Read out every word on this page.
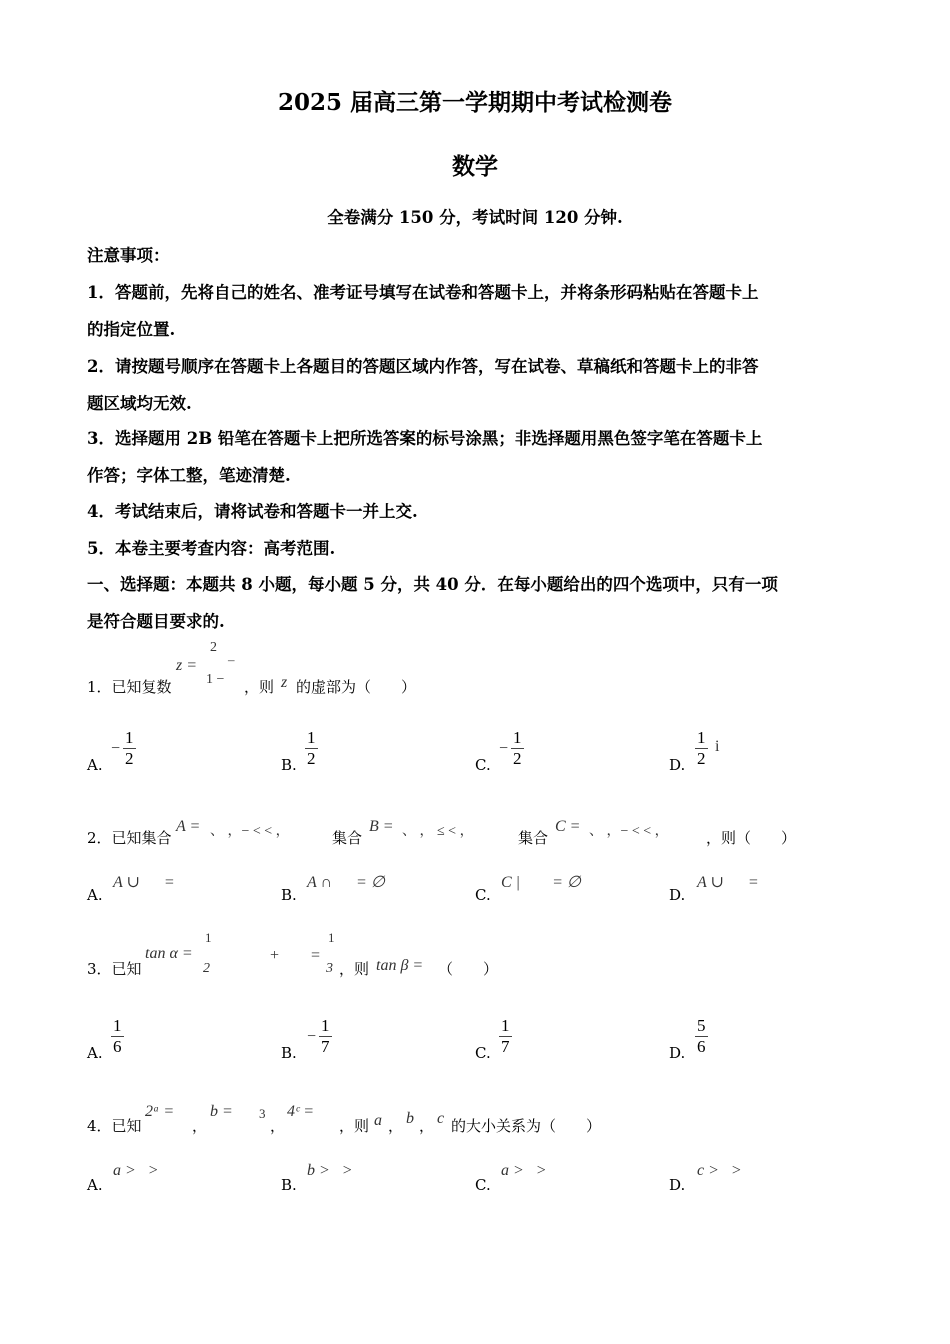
2025 届高三第一学期期中考试检测卷
数学
全卷满分 150 分，考试时间 120 分钟.
注意事项：
1．答题前，先将自己的姓名、准考证号填写在试卷和答题卡上，并将条形码粘贴在答题卡上
的指定位置.
2．请按题号顺序在答题卡上各题目的答题区域内作答，写在试卷、草稿纸和答题卡上的非答
题区域均无效.
3．选择题用 2B 铅笔在答题卡上把所选答案的标号涂黑；非选择题用黑色签字笔在答题卡上
作答；字体工整，笔迹清楚.
4．考试结束后，请将试卷和答题卡一并上交.
5．本卷主要考查内容：高考范围.
一、选择题：本题共 8 小题，每小题 5 分，共 40 分．在每小题给出的四个选项中，只有一项
是符合题目要求的.
1．已知复数
z =
2
–
1 − ，则 z 的虚部为（　　）
A.
− $\frac{1}{2}$	B. $\frac{1}{2}$	C.
− $\frac{1}{2}$	D. $\frac{1}{2}$ i
2．已知集合
A = 、 ，− < < ，	集合
B = 、 ， ≤ < ，	集合
C = 、 ，− < < ， ，则（　　）
A.
A ∪      =
B.
A ∩      = ∅
C.
C |        = ∅
D.
A ∪      =
3．已知
tan α =
1
2
+ =
1
3 ，则 tan β = （　　）
A. $\frac{1}{6}$	B.
− $\frac{1}{7}$	C. $\frac{1}{7}$	D. $\frac{5}{6}$
4．已知
2ᵃ =
，
b = 3
，
4ᶜ =
，则 a ， b ， c 的大小关系为（　　）
A.
a >   >
B.
b >   >
C.
a >   >
D.
c >   >
